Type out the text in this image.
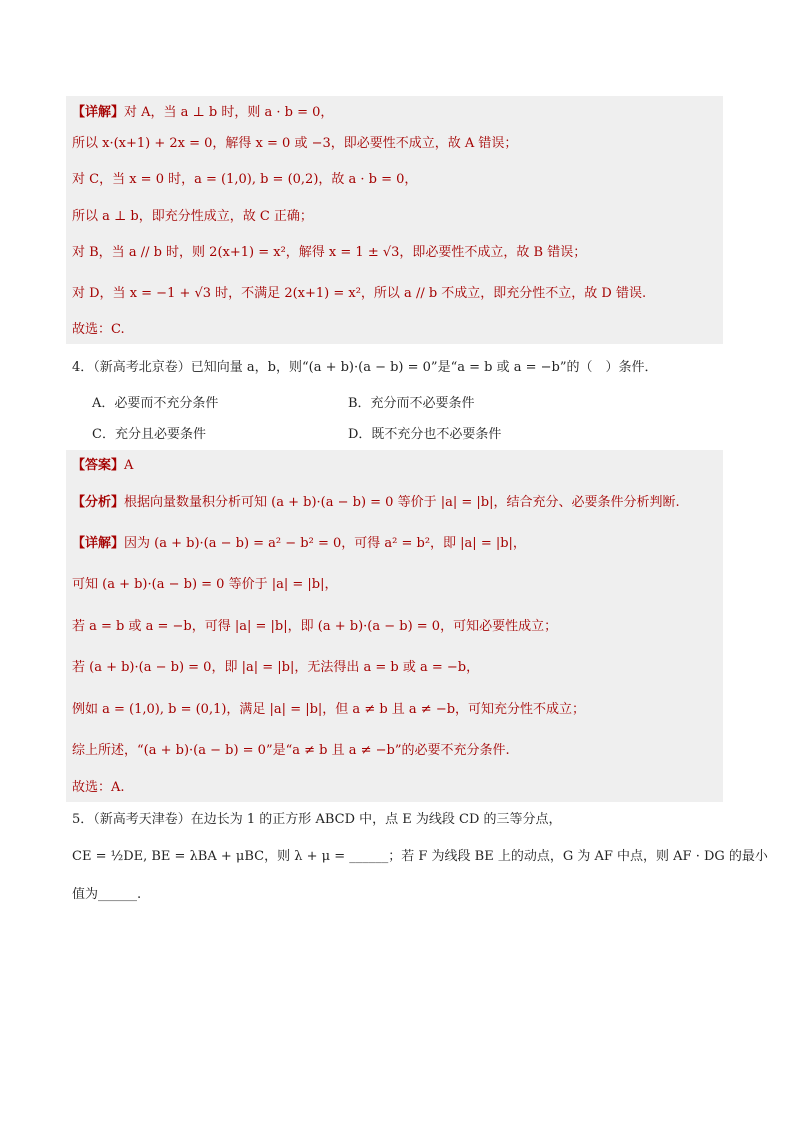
【详解】对 A，当 a ⊥ b 时，则 a · b = 0，
所以 x·(x+1) + 2x = 0，解得 x = 0 或 −3，即必要性不成立，故 A 错误；
对 C，当 x = 0 时，a = (1,0), b = (0,2)，故 a · b = 0，
所以 a ⊥ b，即充分性成立，故 C 正确；
对 B，当 a // b 时，则 2(x+1) = x²，解得 x = 1 ± √3，即必要性不成立，故 B 错误；
对 D，当 x = −1 + √3 时，不满足 2(x+1) = x²，所以 a // b 不成立，即充分性不立，故 D 错误.
故选：C.
4．（新高考北京卷）已知向量 a，b，则“(a + b)·(a − b) = 0”是“a = b 或 a = −b”的（　）条件．
A．必要而不充分条件	B．充分而不必要条件
C．充分且必要条件	D．既不充分也不必要条件
【答案】A
【分析】根据向量数量积分析可知 (a + b)·(a − b) = 0 等价于 |a| = |b|，结合充分、必要条件分析判断.
【详解】因为 (a + b)·(a − b) = a² − b² = 0，可得 a² = b²，即 |a| = |b|，
可知 (a + b)·(a − b) = 0 等价于 |a| = |b|，
若 a = b 或 a = −b，可得 |a| = |b|，即 (a + b)·(a − b) = 0，可知必要性成立；
若 (a + b)·(a − b) = 0，即 |a| = |b|，无法得出 a = b 或 a = −b，
例如 a = (1,0), b = (0,1)，满足 |a| = |b|，但 a ≠ b 且 a ≠ −b，可知充分性不成立；
综上所述，“(a + b)·(a − b) = 0”是“a ≠ b 且 a ≠ −b”的必要不充分条件.
故选：A.
5．（新高考天津卷）在边长为 1 的正方形 ABCD 中，点 E 为线段 CD 的三等分点，
CE = ½DE, BE = λBA + μBC，则 λ + μ = ______；若 F 为线段 BE 上的动点，G 为 AF 中点，则 AF · DG 的最小
值为______.
